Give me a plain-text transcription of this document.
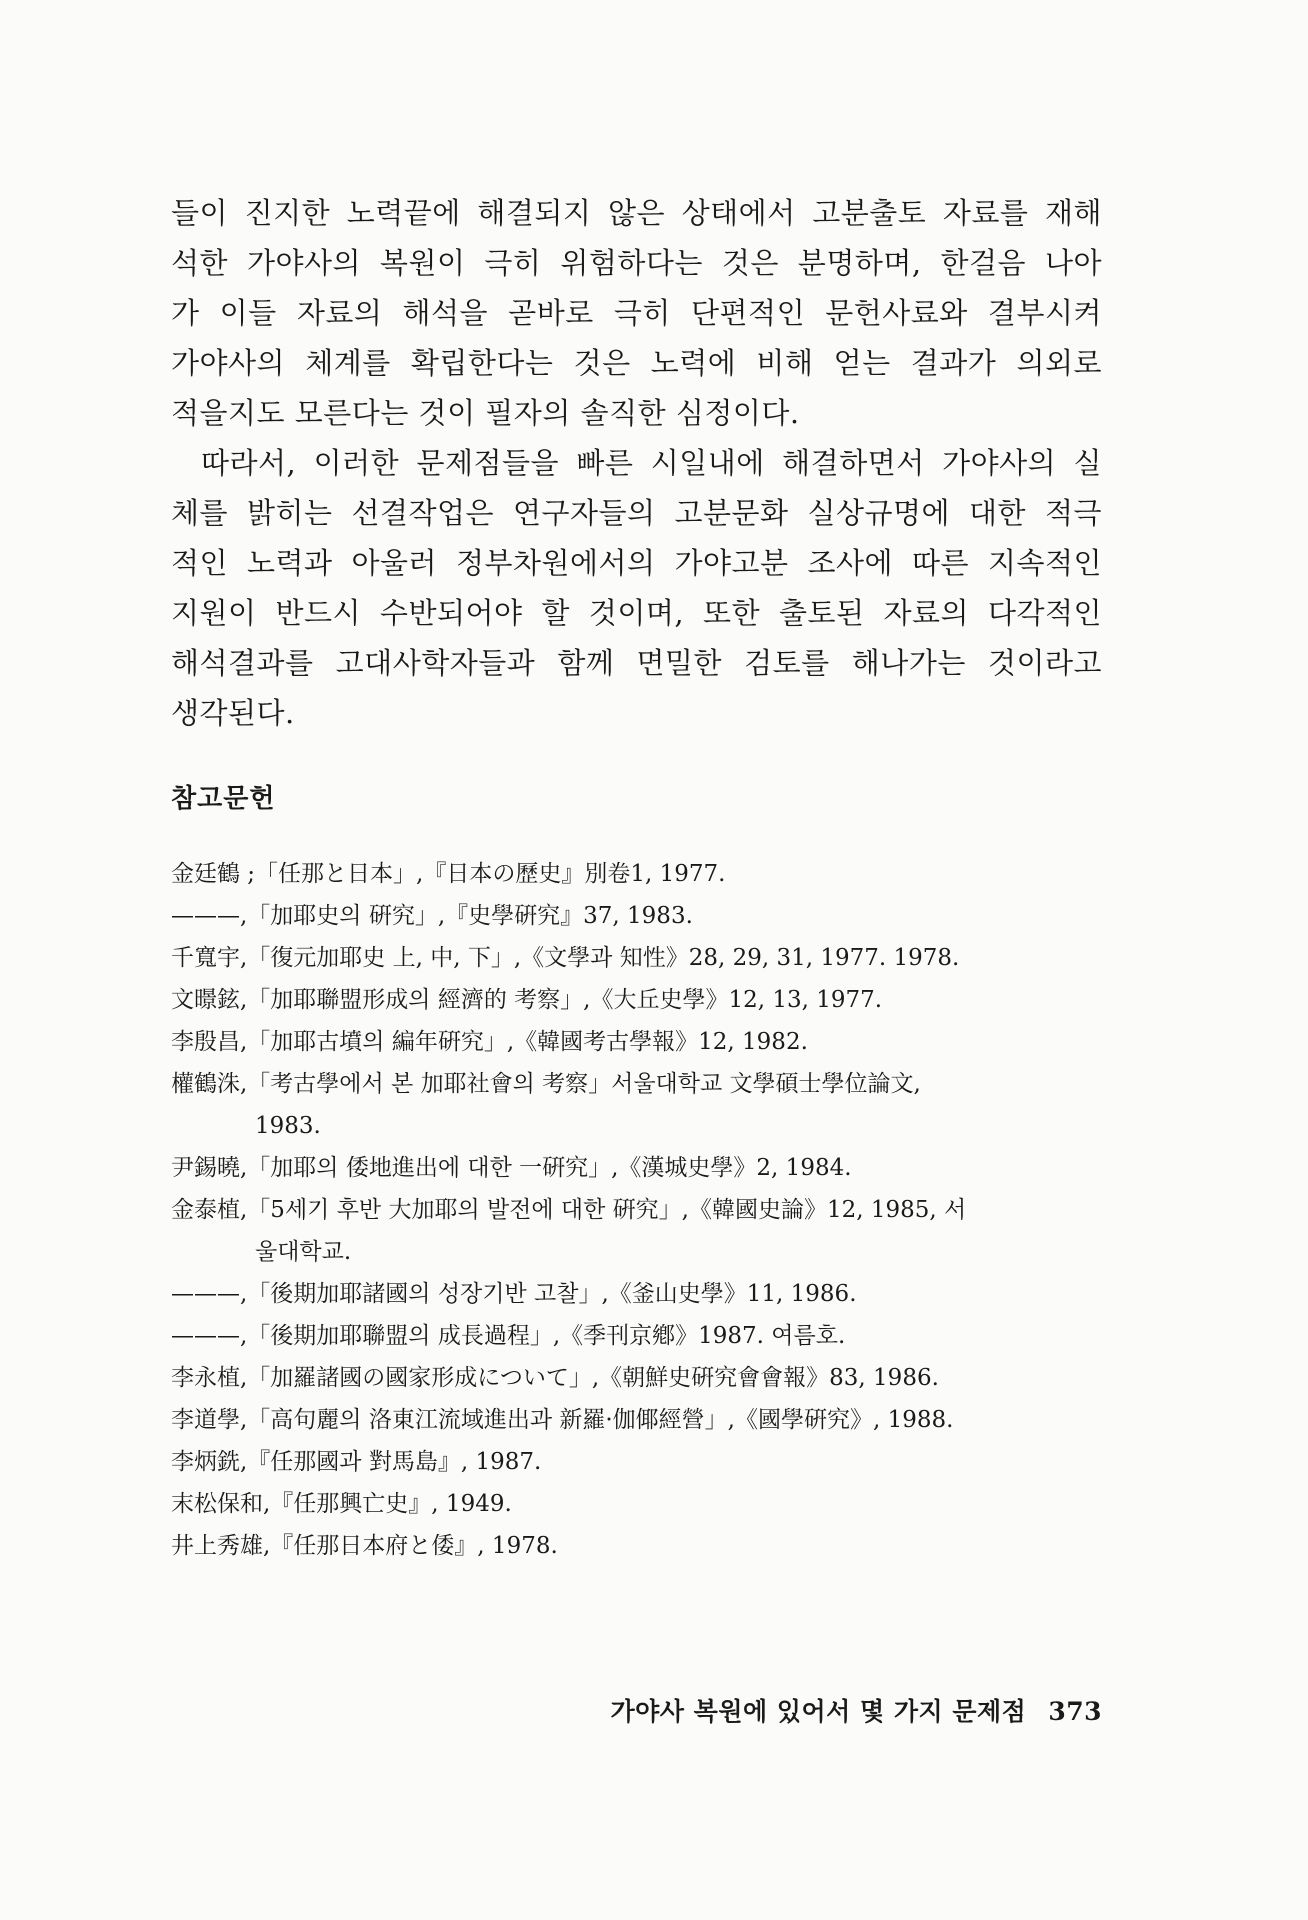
들이 진지한 노력끝에 해결되지 않은 상태에서 고분출토 자료를 재해
석한 가야사의 복원이 극히 위험하다는 것은 분명하며, 한걸음 나아
가 이들 자료의 해석을 곧바로 극히 단편적인 문헌사료와 결부시켜
가야사의 체계를 확립한다는 것은 노력에 비해 얻는 결과가 의외로
적을지도 모른다는 것이 필자의 솔직한 심정이다.
따라서, 이러한 문제점들을 빠른 시일내에 해결하면서 가야사의 실
체를 밝히는 선결작업은 연구자들의 고분문화 실상규명에 대한 적극
적인 노력과 아울러 정부차원에서의 가야고분 조사에 따른 지속적인
지원이 반드시 수반되어야 할 것이며, 또한 출토된 자료의 다각적인
해석결과를 고대사학자들과 함께 면밀한 검토를 해나가는 것이라고
생각된다.
참고문헌
金廷鶴 ;「任那と日本」,『日本の歷史』別卷1, 1977.
———,「加耶史의 硏究」,『史學硏究』37, 1983.
千寬宇,「復元加耶史 上, 中, 下」,《文學과 知性》28, 29, 31, 1977. 1978.
文暻鉉,「加耶聯盟形成의 經濟的 考察」,《大丘史學》12, 13, 1977.
李殷昌,「加耶古墳의 編年硏究」,《韓國考古學報》12, 1982.
權鶴洙,「考古學에서 본 加耶社會의 考察」서울대학교 文學碩士學位論文,
1983.
尹錫曉,「加耶의 倭地進出에 대한 一硏究」,《漢城史學》2, 1984.
金泰植,「5세기 후반 大加耶의 발전에 대한 硏究」,《韓國史論》12, 1985, 서
울대학교.
———,「後期加耶諸國의 성장기반 고찰」,《釜山史學》11, 1986.
———,「後期加耶聯盟의 成長過程」,《季刊京鄕》1987. 여름호.
李永植,「加羅諸國の國家形成について」,《朝鮮史硏究會會報》83, 1986.
李道學,「高句麗의 洛東江流域進出과 新羅·伽倻經營」,《國學硏究》, 1988.
李炳銑,『任那國과 對馬島』, 1987.
末松保和,『任那興亡史』, 1949.
井上秀雄,『任那日本府と倭』, 1978.
가야사 복원에 있어서 몇 가지 문제점 373
